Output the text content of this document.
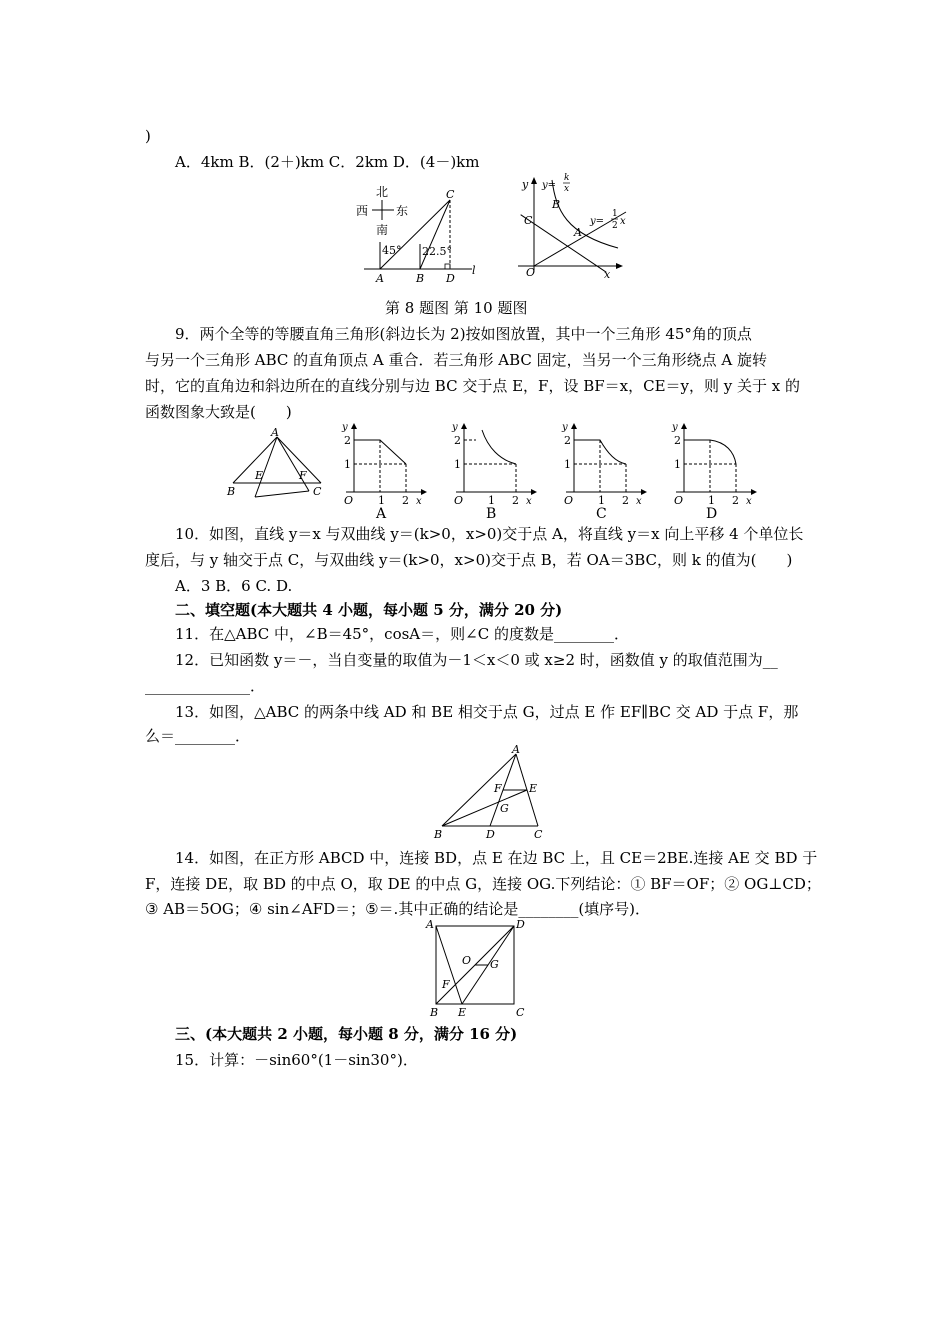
)
A．4km B．(2＋)km C．2km D．(4－)km
北
西 东
南
45° 22.5°
A	B
C
D
l
y
x
O
C
B
A
y=
k
x
y=
1
2 x
第 8 题图 第 10 题图
9．两个全等的等腰直角三角形(斜边长为 2)按如图放置，其中一个三角形 45°角的顶点
与另一个三角形 ABC 的直角顶点 A 重合．若三角形 ABC 固定，当另一个三角形绕点 A 旋转
时，它的直角边和斜边所在的直线分别与边 BC 交于点 E，F，设 BF＝x，CE＝y，则 y 关于 x 的
函数图象大致是(　　)
A
B	C
E	F
y
x
O 1 2
1
2
A
y
x
O 1 2
1
2
B
y
x
O 1 2
1
2
C
y
x
O 1 2
1
2
D
10．如图，直线 y＝x 与双曲线 y＝(k>0，x>0)交于点 A，将直线 y＝x 向上平移 4 个单位长
度后，与 y 轴交于点 C，与双曲线 y＝(k>0，x>0)交于点 B，若 OA＝3BC，则 k 的值为(　　)
A．3 B．6 C. D.
二、填空题(本大题共 4 小题，每小题 5 分，满分 20 分)
11．在△ABC 中，∠B＝45°，cosA＝，则∠C 的度数是________．
12．已知函数 y＝－，当自变量的取值为－1＜x＜0 或 x≥2 时，函数值 y 的取值范围为__
______________．
13．如图，△ABC 的两条中线 AD 和 BE 相交于点 G，过点 E 作 EF∥BC 交 AD 于点 F，那
么＝________．
A
B	C
D
E
F
G
14．如图，在正方形 ABCD 中，连接 BD，点 E 在边 BC 上，且 CE＝2BE.连接 AE 交 BD 于
F，连接 DE，取 BD 的中点 O，取 DE 的中点 G，连接 OG.下列结论：① BF＝OF；② OG⊥CD；
③ AB＝5OG；④ sin∠AFD＝；⑤＝.其中正确的结论是________(填序号)．
A	D
B E	C
F
O G
三、(本大题共 2 小题，每小题 8 分，满分 16 分)
15．计算：－sin60°(1－sin30°)．
